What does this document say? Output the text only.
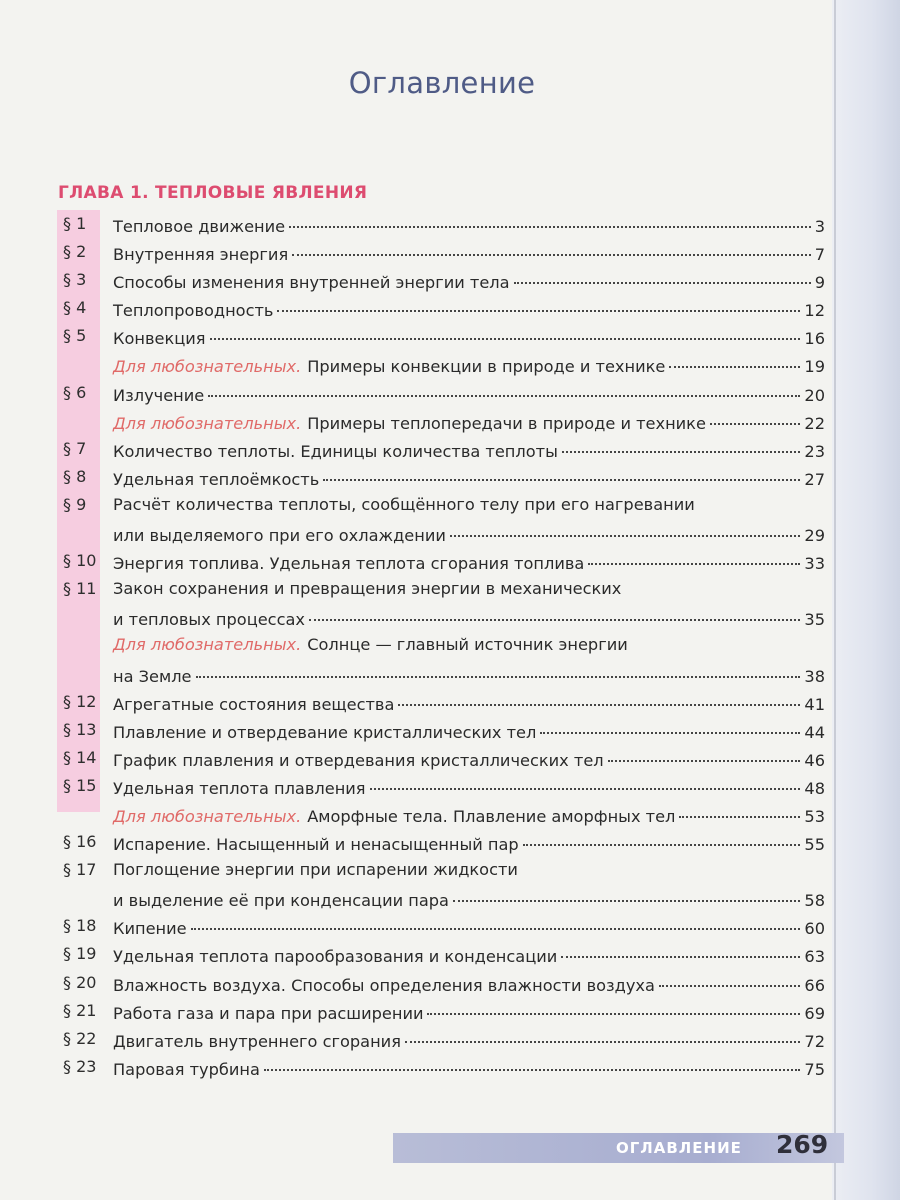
Оглавление
ГЛАВА 1. ТЕПЛОВЫЕ ЯВЛЕНИЯ
§ 1	Тепловое движение	3
§ 2	Внутренняя энергия	7
§ 3	Способы изменения внутренней энергии тела	9
§ 4	Теплопроводность	12
§ 5	Конвекция	16
Для любознательных. Примеры конвекции в природе и технике	19
§ 6	Излучение	20
Для любознательных. Примеры теплопередачи в природе и технике	22
§ 7	Количество теплоты. Единицы количества теплоты	23
§ 8	Удельная теплоёмкость	27
§ 9	Расчёт количества теплоты, сообщённого телу при его нагревании
или выделяемого при его охлаждении	29
§ 10	Энергия топлива. Удельная теплота сгорания топлива	33
§ 11	Закон сохранения и превращения энергии в механических
и тепловых процессах	35
Для любознательных. Солнце — главный источник энергии
на Земле	38
§ 12	Агрегатные состояния вещества	41
§ 13	Плавление и отвердевание кристаллических тел	44
§ 14	График плавления и отвердевания кристаллических тел	46
§ 15	Удельная теплота плавления	48
Для любознательных. Аморфные тела. Плавление аморфных тел	53
§ 16	Испарение. Насыщенный и ненасыщенный пар	55
§ 17	Поглощение энергии при испарении жидкости
и выделение её при конденсации пара	58
§ 18	Кипение	60
§ 19	Удельная теплота парообразования и конденсации	63
§ 20	Влажность воздуха. Способы определения влажности воздуха	66
§ 21	Работа газа и пара при расширении	69
§ 22	Двигатель внутреннего сгорания	72
§ 23	Паровая турбина	75
ОГЛАВЛЕНИЕ 269
